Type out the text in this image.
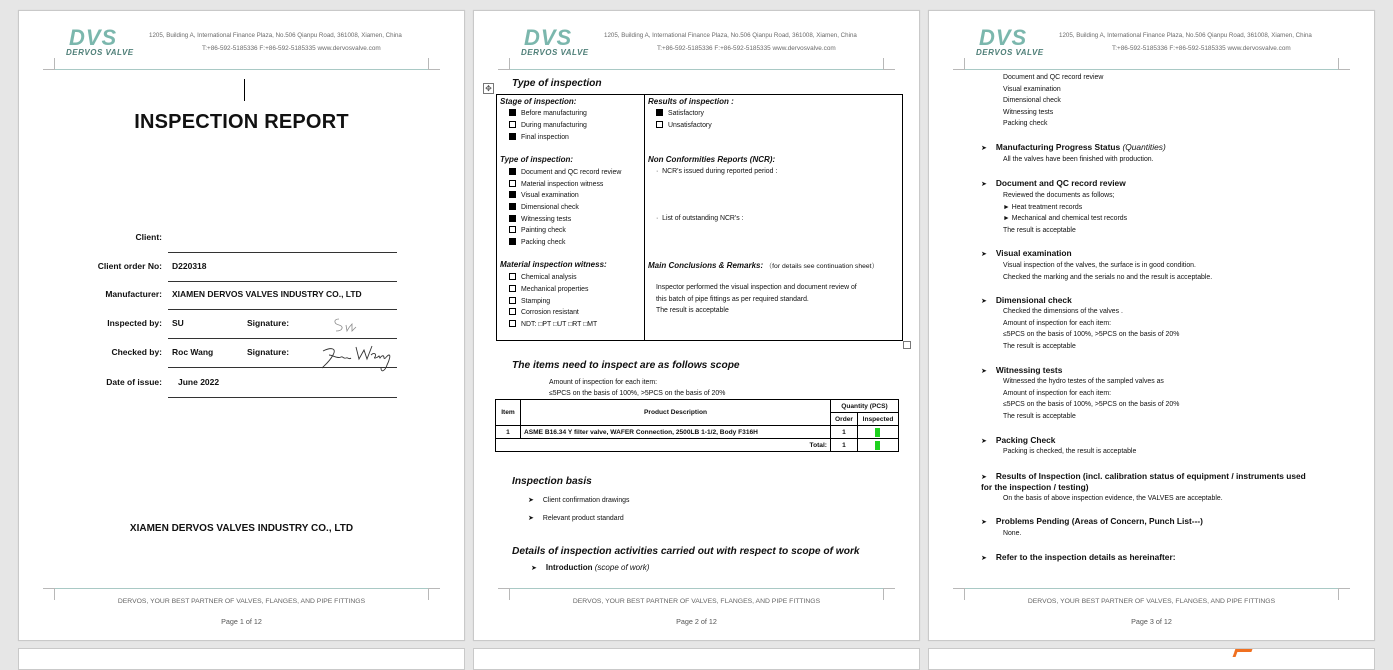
DVS
DERVOS VALVE
1205, Building A, International Finance Plaza, No.506 Qianpu Road, 361008, Xiamen, China
T:+86-592-5185336 F:+86-592-5185335 www.dervosvalve.com
INSPECTION REPORT
Client:
Client order No: D220318
Manufacturer: XIAMEN DERVOS VALVES INDUSTRY CO., LTD
Inspected by: SU	Signature:
Checked by: Roc Wang	Signature:
Date of issue: June 2022
XIAMEN DERVOS VALVES INDUSTRY CO., LTD
DERVOS, YOUR BEST PARTNER OF VALVES, FLANGES, AND PIPE FITTINGS
Page 1 of 12
DVS
DERVOS VALVE
1205, Building A, International Finance Plaza, No.506 Qianpu Road, 361008, Xiamen, China
T:+86-592-5185336 F:+86-592-5185335 www.dervosvalve.com
✥ Type of inspection
Stage of inspection:
Before manufacturing
During manufacturing
Final inspection
Results of inspection :
Satisfactory
Unsatisfactory
Type of inspection:
Document and QC record review
Material inspection witness
Visual examination
Dimensional check
Witnessing tests
Painting check
Packing check
Non Conformities Reports (NCR):
·  NCR’s issued during reported period :
·  List of outstanding NCR’s :
Material inspection witness:
Chemical analysis
Mechanical properties
Stamping
Corrosion resistant
NDT: □PT □UT □RT □MT
Main Conclusions & Remarks: （for details see continuation sheet）
Inspector performed the visual inspection and document review of
this batch of pipe fittings as per required standard.
The result is acceptable
The items need to inspect are as follows scope
Amount of inspection for each item:
≤5PCS on the basis of 100%, >5PCS on the basis of 20%
Item	Product Description	Quantity (PCS)	
		Order	Inspected
1	ASME B16.34 Y filter valve, WAFER Connection, 2500LB 1-1/2, Body F316H	1	
Total:		1	
Inspection basis
➤ Client confirmation drawings
➤ Relevant product standard
Details of inspection activities carried out with respect to scope of work
➤ Introduction (scope of work)
DERVOS, YOUR BEST PARTNER OF VALVES, FLANGES, AND PIPE FITTINGS
Page 2 of 12
DVS
DERVOS VALVE
1205, Building A, International Finance Plaza, No.506 Qianpu Road, 361008, Xiamen, China
T:+86-592-5185336 F:+86-592-5185335 www.dervosvalve.com
Document and QC record review
Visual examination
Dimensional check
Witnessing tests
Packing check
➤ Manufacturing Progress Status (Quantities)
All the valves have been finished with production.
➤ Document and QC record review
Reviewed the documents as follows;
► Heat treatment records
► Mechanical and chemical test records
The result is acceptable
➤ Visual examination
Visual inspection of the valves, the surface is in good condition.
Checked the marking and the serials no and the result is acceptable.
➤ Dimensional check
Checked the dimensions of the valves .
Amount of inspection for each item:
≤5PCS on the basis of 100%, >5PCS on the basis of 20%
The result is acceptable
➤ Witnessing tests
Witnessed the hydro testes of the sampled valves as
Amount of inspection for each item:
≤5PCS on the basis of 100%, >5PCS on the basis of 20%
The result is acceptable
➤ Packing Check
Packing is checked, the result is acceptable
➤ Results of Inspection (incl. calibration status of equipment / instruments used
for the inspection / testing)
On the basis of above inspection evidence, the VALVES are acceptable.
➤ Problems Pending (Areas of Concern, Punch List---)
None.
➤ Refer to the inspection details as hereinafter:
DERVOS, YOUR BEST PARTNER OF VALVES, FLANGES, AND PIPE FITTINGS
Page 3 of 12
